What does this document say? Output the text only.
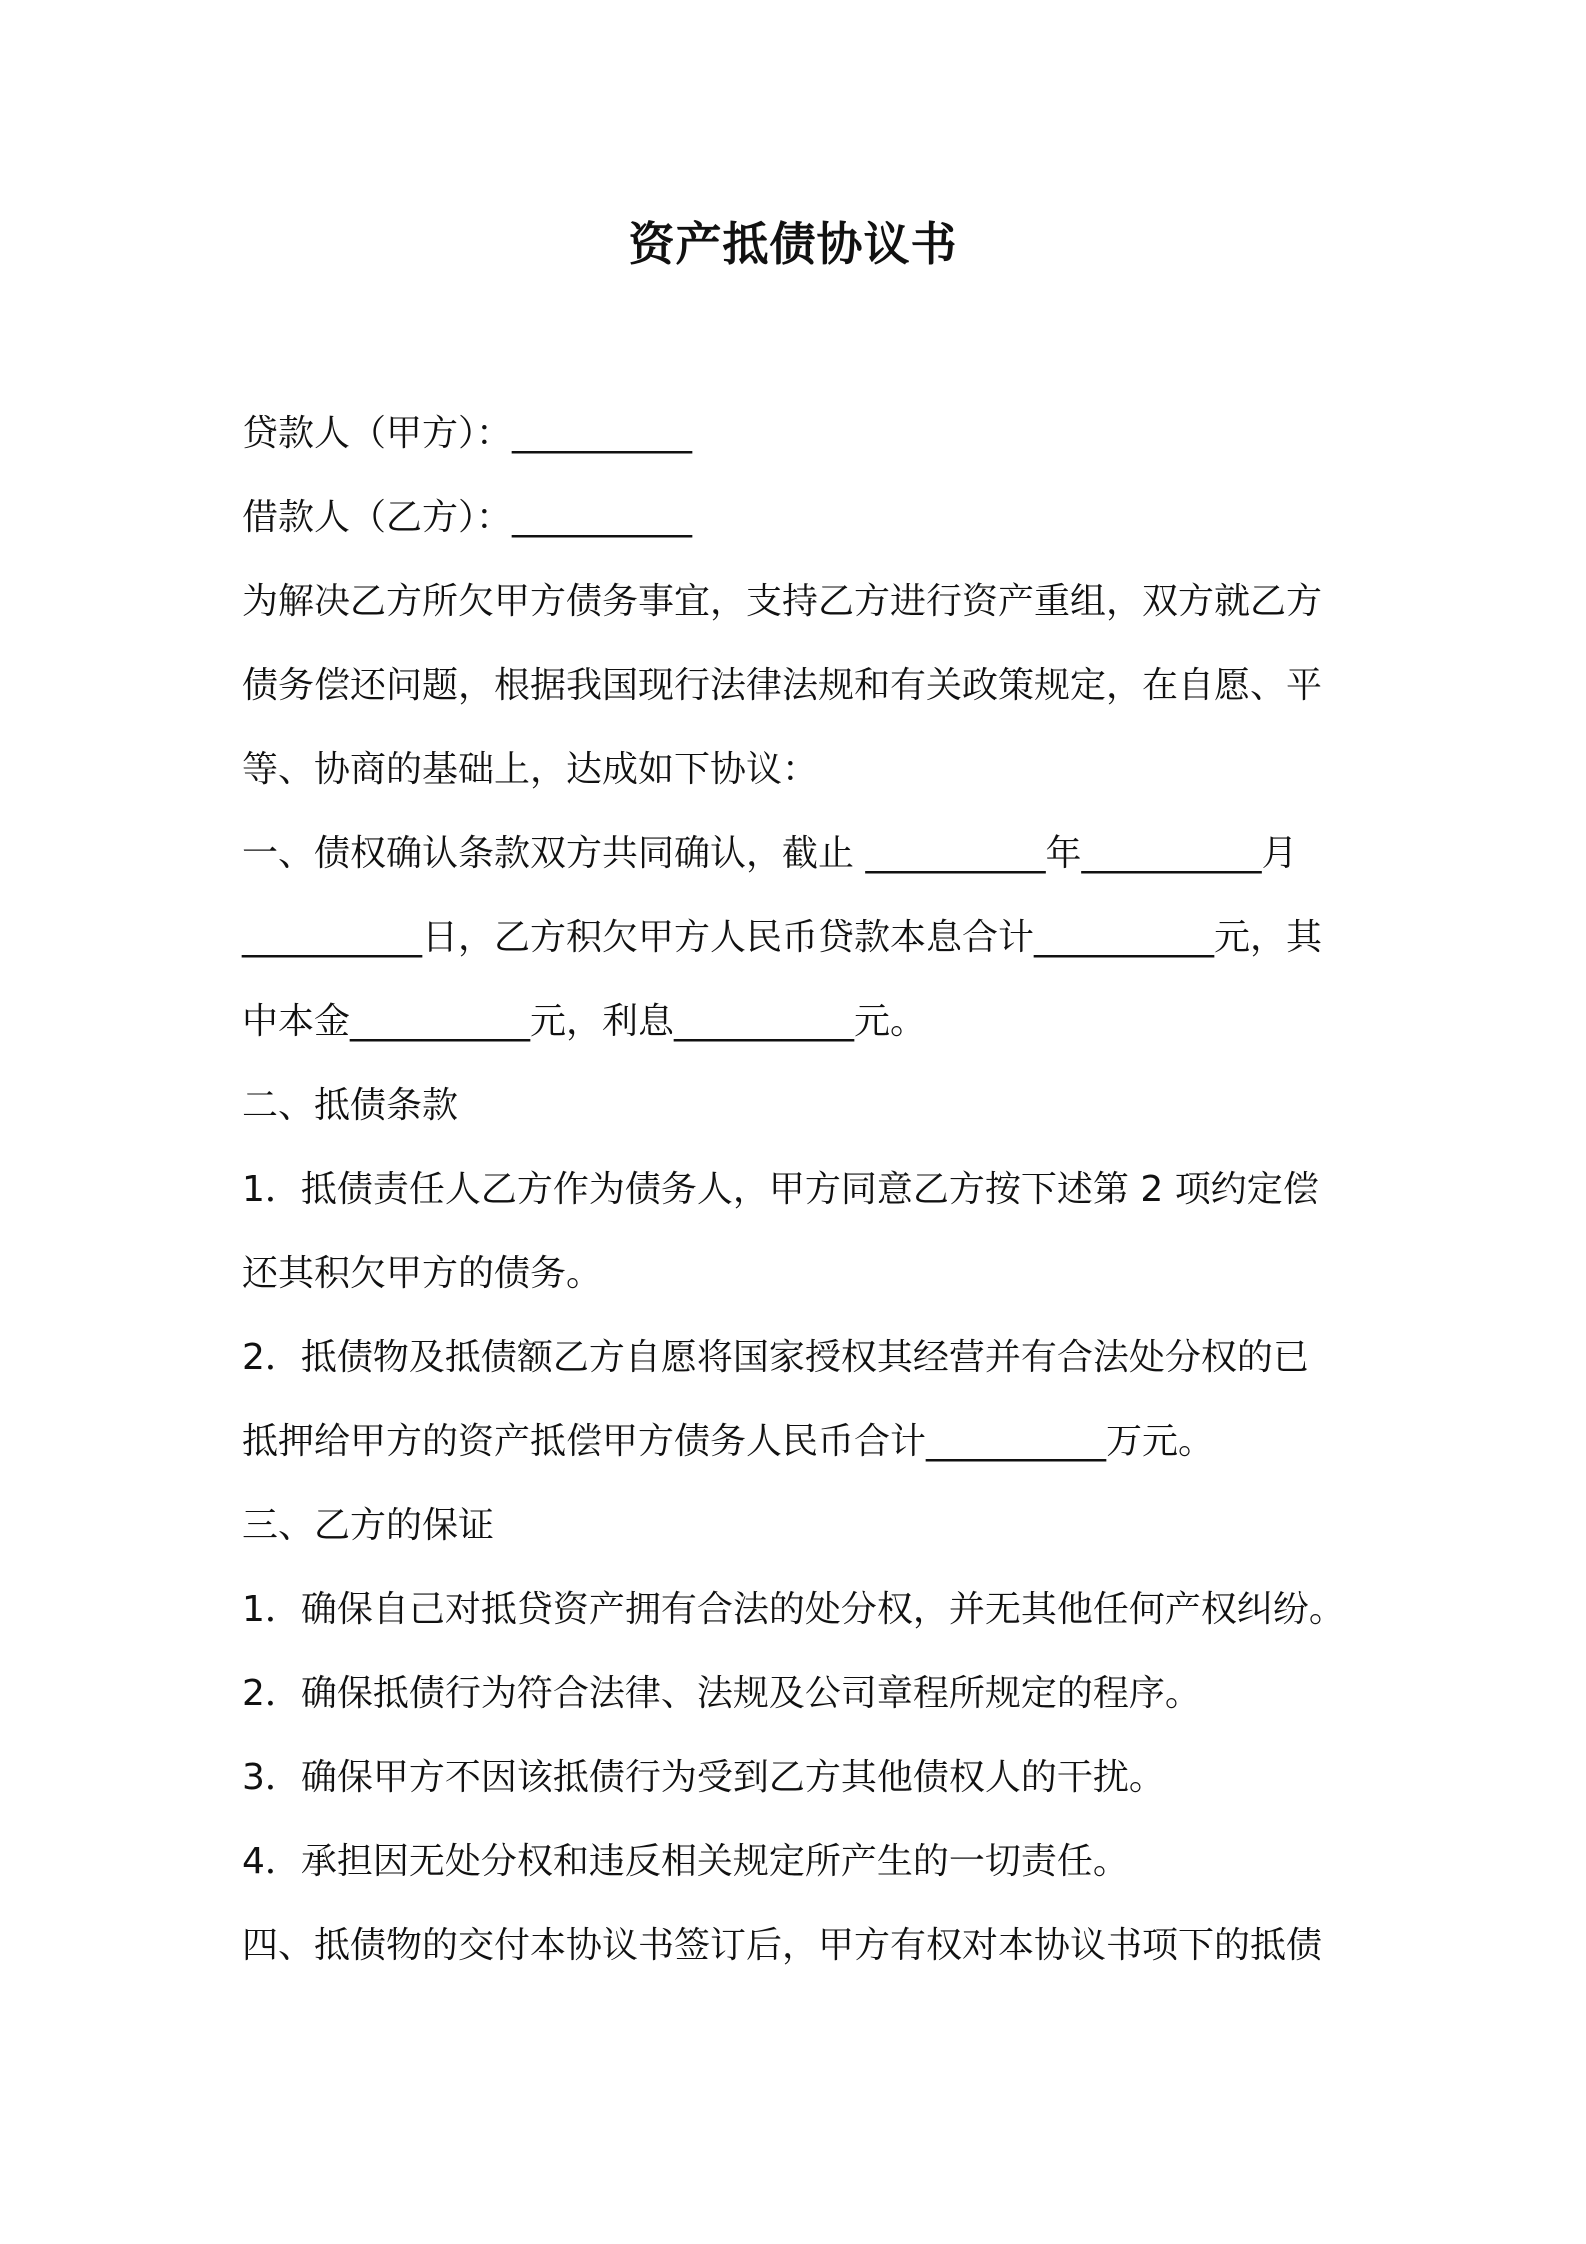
资产抵债协议书
贷款人（甲方）：__________
借款人（乙方）：__________
为解决乙方所欠甲方债务事宜，支持乙方进行资产重组，双方就乙方
债务偿还问题，根据我国现行法律法规和有关政策规定，在自愿、平
等、协商的基础上，达成如下协议：
一、债权确认条款双方共同确认，截止 __________年__________月
__________日，乙方积欠甲方人民币贷款本息合计__________元，其
中本金__________元，利息__________元。
二、抵债条款
1．抵债责任人乙方作为债务人，甲方同意乙方按下述第 2 项约定偿
还其积欠甲方的债务。
2．抵债物及抵债额乙方自愿将国家授权其经营并有合法处分权的已
抵押给甲方的资产抵偿甲方债务人民币合计__________万元。
三、乙方的保证
1．确保自己对抵贷资产拥有合法的处分权，并无其他任何产权纠纷。
2．确保抵债行为符合法律、法规及公司章程所规定的程序。
3．确保甲方不因该抵债行为受到乙方其他债权人的干扰。
4．承担因无处分权和违反相关规定所产生的一切责任。
四、抵债物的交付本协议书签订后，甲方有权对本协议书项下的抵债
